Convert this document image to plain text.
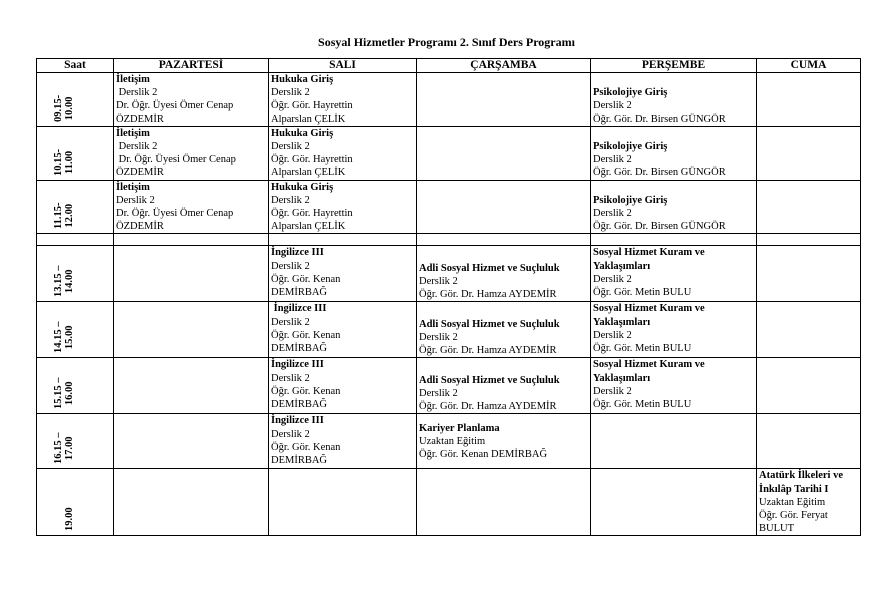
Sosyal Hizmetler Programı 2. Sınıf Ders Programı
Saat	PAZARTESİ	SALI	ÇARŞAMBA	PERŞEMBE	CUMA

09.15- 10.00	İletişim
Derslik 2
Dr. Öğr. Üyesi Ömer Cenap
ÖZDEMİR	Hukuka Giriş
Derslik 2
Öğr. Gör. Hayrettin
Alparslan ÇELİK		Psikolojiye Giriş
Derslik 2
Öğr. Gör. Dr. Birsen GÜNGÖR	

10.15- 11.00	İletişim
Derslik 2
Dr. Öğr. Üyesi Ömer Cenap
ÖZDEMİR	Hukuka Giriş
Derslik 2
Öğr. Gör. Hayrettin
Alparslan ÇELİK		Psikolojiye Giriş
Derslik 2
Öğr. Gör. Dr. Birsen GÜNGÖR	

11.15- 12.00	İletişim
Derslik 2
Dr. Öğr. Üyesi Ömer Cenap
ÖZDEMİR	Hukuka Giriş
Derslik 2
Öğr. Gör. Hayrettin
Alparslan ÇELİK		Psikolojiye Giriş
Derslik 2
Öğr. Gör. Dr. Birsen GÜNGÖR	

13.15 – 14.00		İngilizce III
Derslik 2
Öğr. Gör. Kenan
DEMİRBAĞ	Adli Sosyal Hizmet ve Suçluluk
Derslik 2
Öğr. Gör. Dr. Hamza AYDEMİR	Sosyal Hizmet Kuram ve
Yaklaşımları
Derslik 2
Öğr. Gör. Metin BULU	

14.15 – 15.00		İngilizce III
Derslik 2
Öğr. Gör. Kenan
DEMİRBAĞ	Adli Sosyal Hizmet ve Suçluluk
Derslik 2
Öğr. Gör. Dr. Hamza AYDEMİR	Sosyal Hizmet Kuram ve
Yaklaşımları
Derslik 2
Öğr. Gör. Metin BULU	

15.15 – 16.00		İngilizce III
Derslik 2
Öğr. Gör. Kenan
DEMİRBAĞ	Adli Sosyal Hizmet ve Suçluluk
Derslik 2
Öğr. Gör. Dr. Hamza AYDEMİR	Sosyal Hizmet Kuram ve
Yaklaşımları
Derslik 2
Öğr. Gör. Metin BULU	

16.15 – 17.00		İngilizce III
Derslik 2
Öğr. Gör. Kenan
DEMİRBAĞ	Kariyer Planlama
Uzaktan Eğitim
Öğr. Gör. Kenan DEMİRBAĞ		

19.00					Atatürk İlkeleri ve
İnkılâp Tarihi I
Uzaktan Eğitim
Öğr. Gör. Feryat
BULUT
